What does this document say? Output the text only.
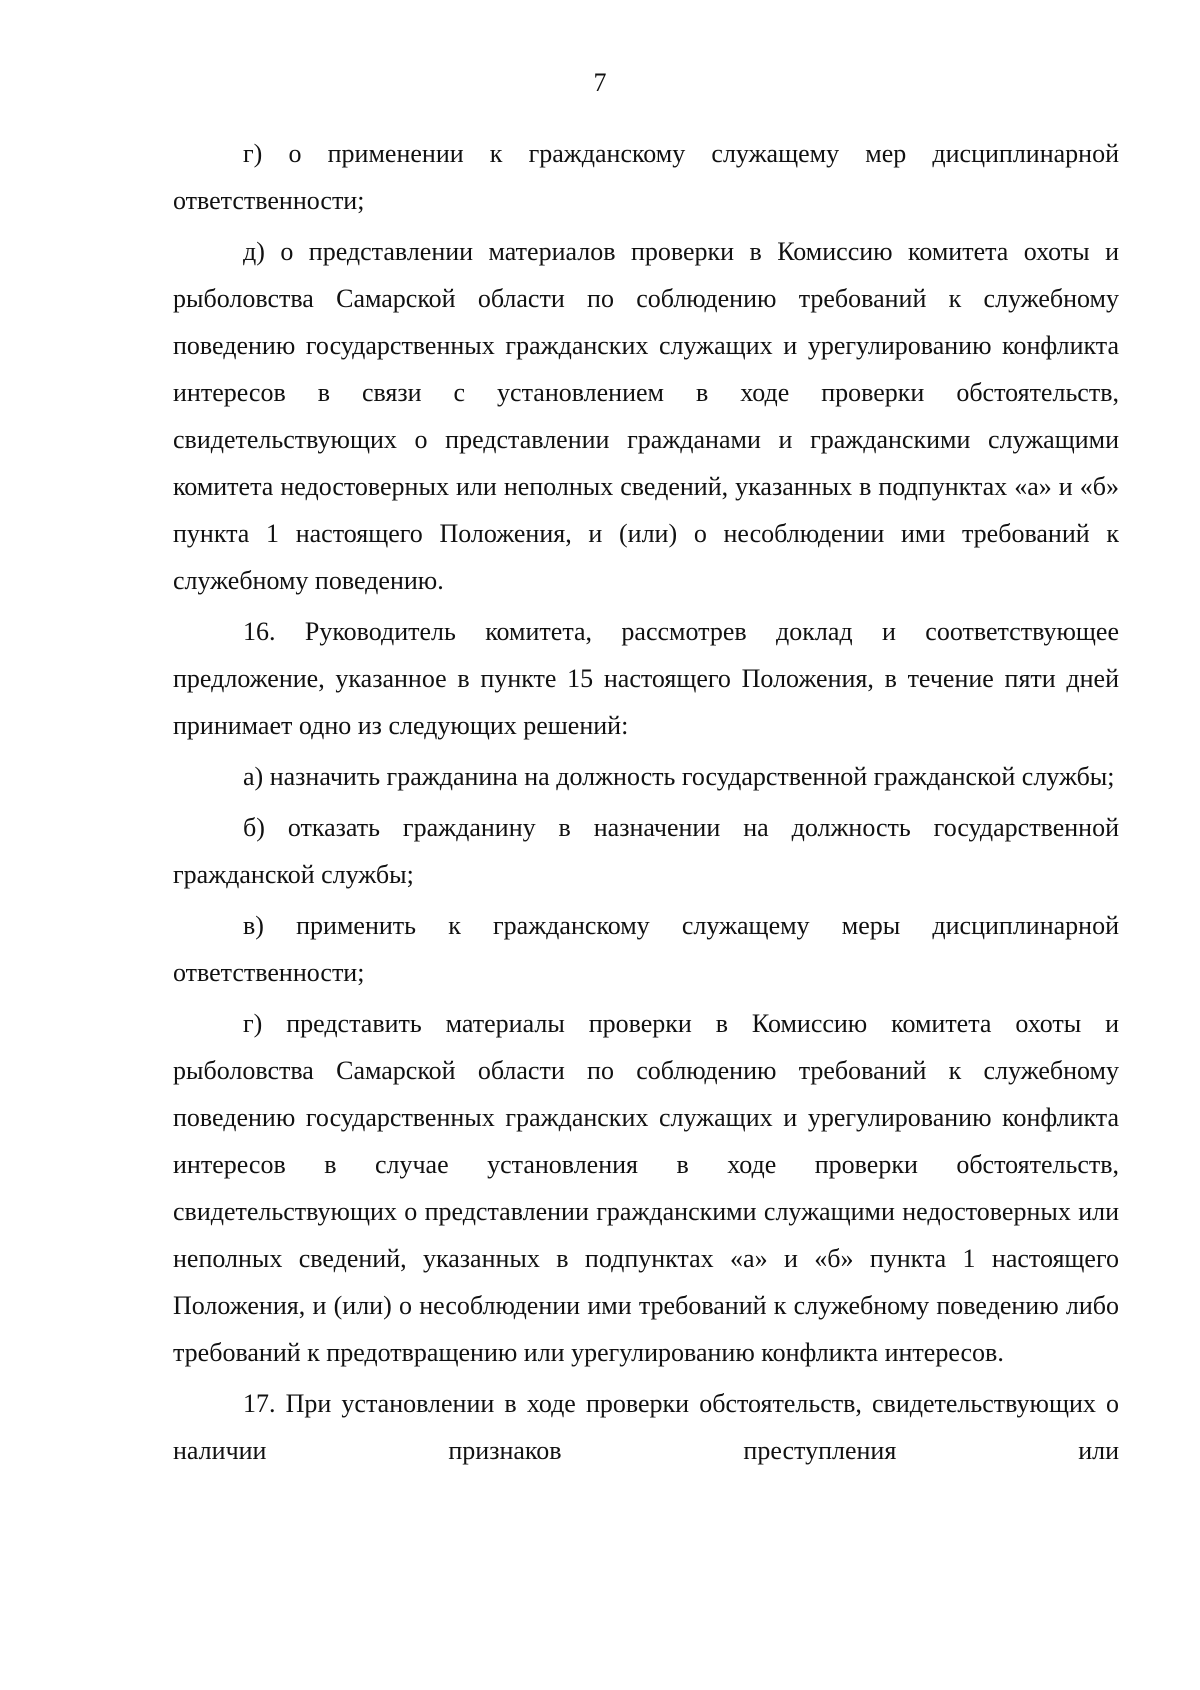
7

г) о применении к гражданскому служащему мер дисциплинарной ответственности;

д) о представлении материалов проверки в Комиссию комитета охоты и рыболовства Самарской области по соблюдению требований к служебному поведению государственных гражданских служащих и урегулированию конфликта интересов в связи с установлением в ходе проверки обстоятельств, свидетельствующих о представлении гражданами и гражданскими служащими комитета недостоверных или неполных сведений, указанных в подпунктах «а» и «б» пункта 1 настоящего Положения, и (или) о несоблюдении ими требований к служебному поведению.

16. Руководитель комитета, рассмотрев доклад и соответствующее предложение, указанное в пункте 15 настоящего Положения, в течение пяти дней принимает одно из следующих решений:

а) назначить гражданина на должность государственной гражданской службы;

б) отказать гражданину в назначении на должность государственной гражданской службы;

в) применить к гражданскому служащему меры дисциплинарной ответственности;

г) представить материалы проверки в Комиссию комитета охоты и рыболовства Самарской области по соблюдению требований к служебному поведению государственных гражданских служащих и урегулированию конфликта интересов в случае установления в ходе проверки обстоятельств, свидетельствующих о представлении гражданскими служащими недостоверных или неполных сведений, указанных в подпунктах «а» и «б» пункта 1 настоящего Положения, и (или) о несоблюдении ими требований к служебному поведению либо требований к предотвращению или урегулированию конфликта интересов.

17. При установлении в ходе проверки обстоятельств, свидетельствующих о наличии признаков преступления или
